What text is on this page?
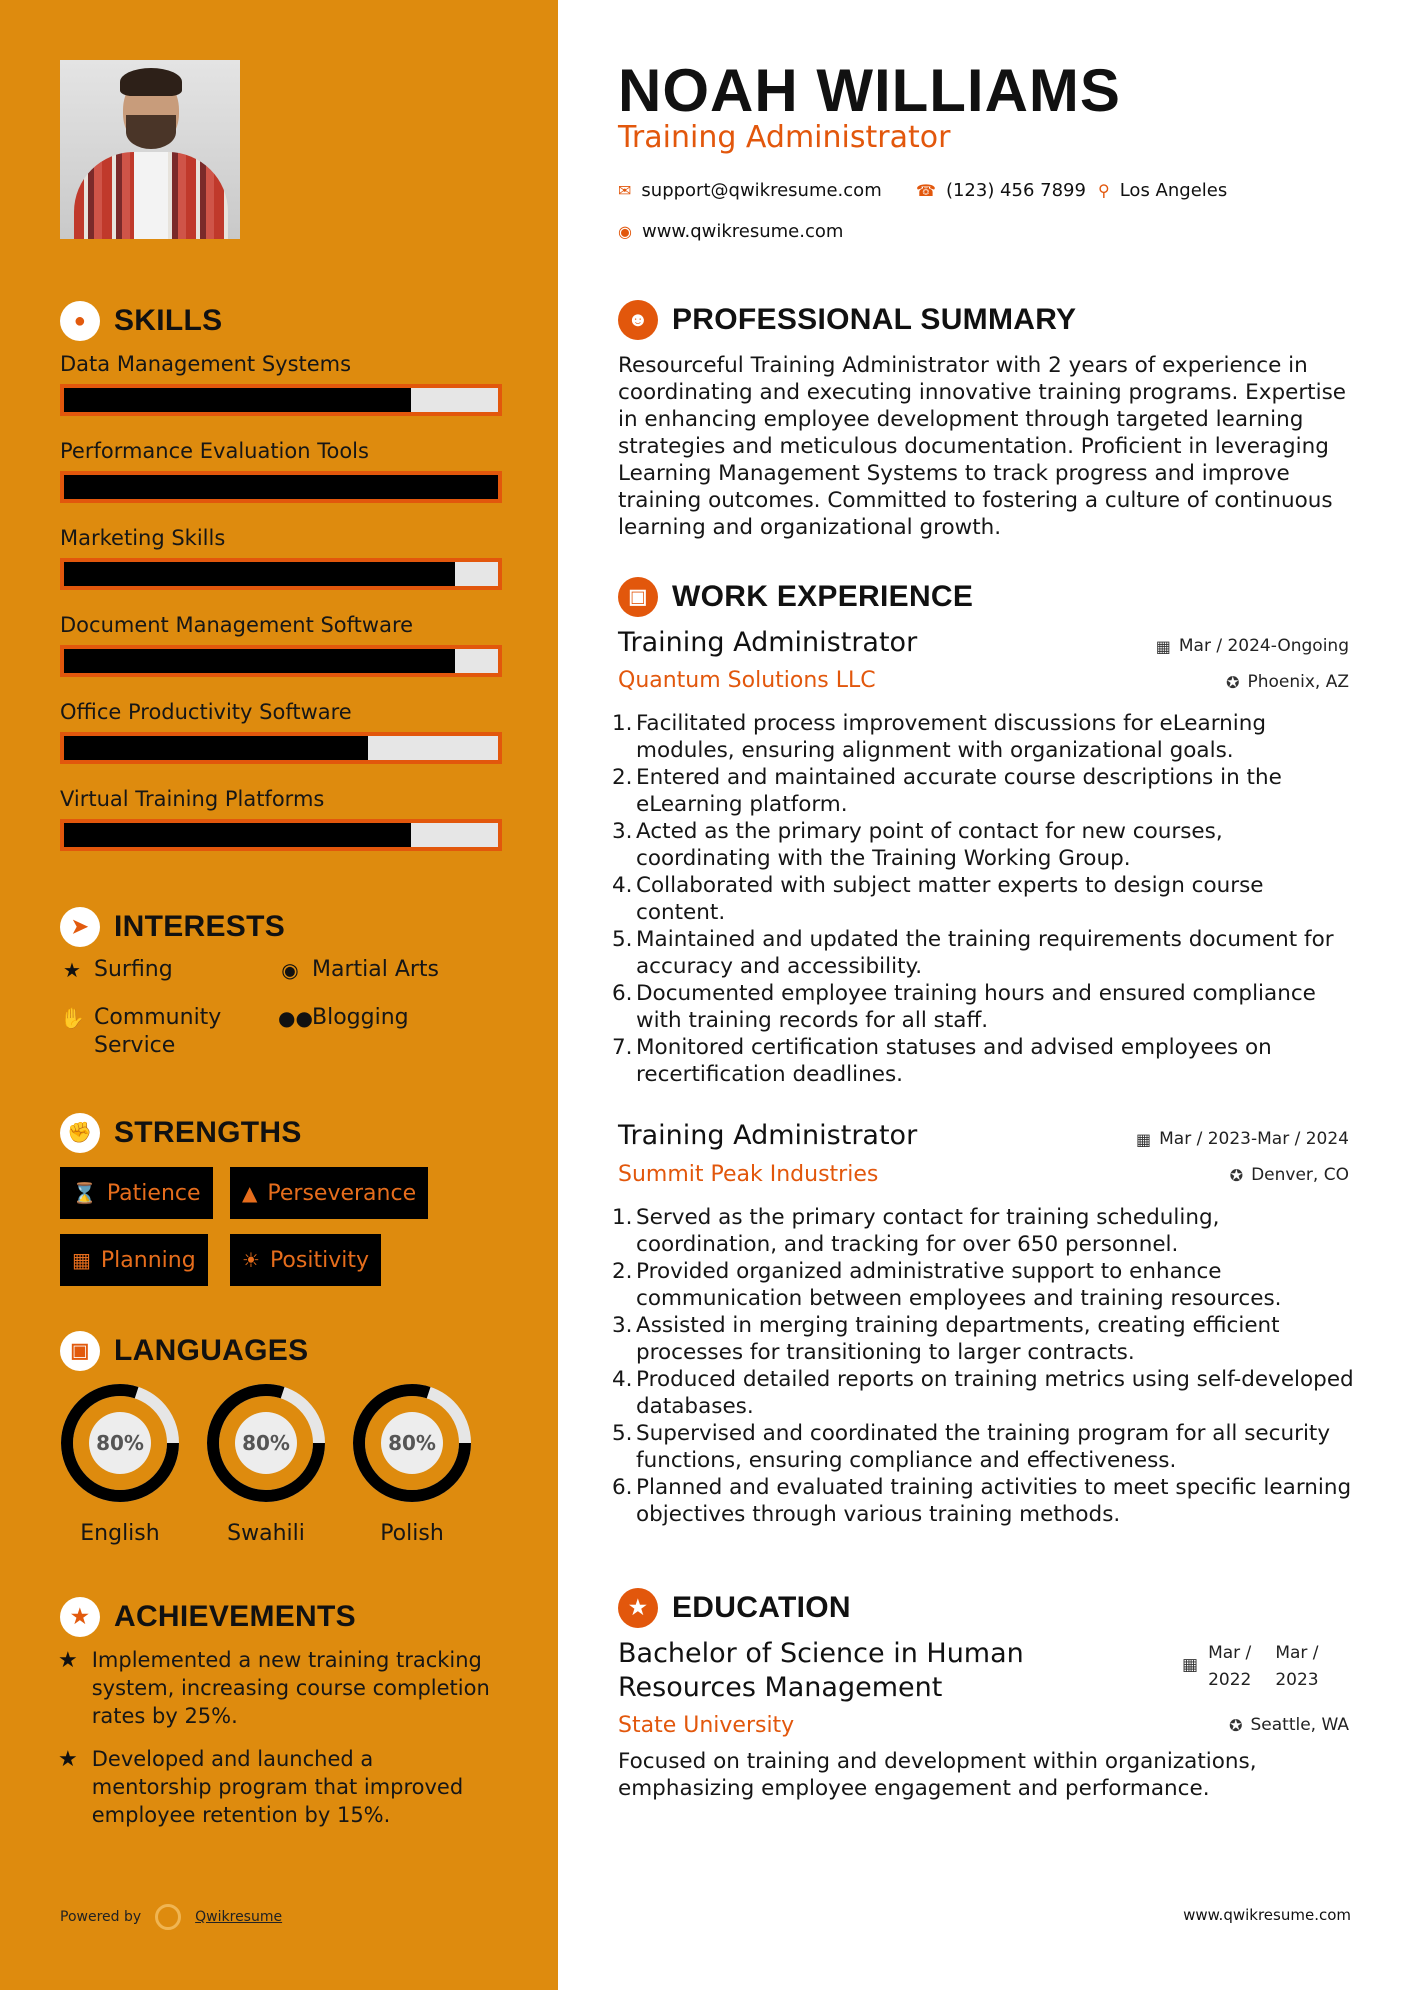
● SKILLS
Data Management Systems
Performance Evaluation Tools
Marketing Skills
Document Management Software
Office Productivity Software
Virtual Training Platforms
➤ INTERESTS
★ Surfing	◉ Martial Arts
✋ Community Service
●● Blogging
✊ STRENGTHS
⌛ Patience ▲ Perseverance
▦ Planning ☀ Positivity
▣ LANGUAGES
80%
English
80%
Swahili
80%
Polish
★ ACHIEVEMENTS
★ Implemented a new training tracking system, increasing course completion rates by 25%.
★ Developed and launched a mentorship program that improved employee retention by 15%.
Powered by	Qwikresume
NOAH WILLIAMS
Training Administrator
✉ support@qwikresume.com ☎ (123) 456 7899 ⚲ Los Angeles
◉ www.qwikresume.com
☻ PROFESSIONAL SUMMARY
Resourceful Training Administrator with 2 years of experience in coordinating and executing innovative training programs. Expertise in enhancing employee development through targeted learning strategies and meticulous documentation. Proficient in leveraging Learning Management Systems to track progress and improve training outcomes. Committed to fostering a culture of continuous learning and organizational growth.
▣ WORK EXPERIENCE
Training Administrator	▦ Mar / 2024-Ongoing
Quantum Solutions LLC	✪ Phoenix, AZ
1. Facilitated process improvement discussions for eLearning modules, ensuring alignment with organizational goals.
2. Entered and maintained accurate course descriptions in the eLearning platform.
3. Acted as the primary point of contact for new courses, coordinating with the Training Working Group.
4. Collaborated with subject matter experts to design course content.
5. Maintained and updated the training requirements document for accuracy and accessibility.
6. Documented employee training hours and ensured compliance with training records for all staff.
7. Monitored certification statuses and advised employees on recertification deadlines.
Training Administrator	▦ Mar / 2023-Mar / 2024
Summit Peak Industries	✪ Denver, CO
1. Served as the primary contact for training scheduling, coordination, and tracking for over 650 personnel.
2. Provided organized administrative support to enhance communication between employees and training resources.
3. Assisted in merging training departments, creating efficient processes for transitioning to larger contracts.
4. Produced detailed reports on training metrics using self-developed databases.
5. Supervised and coordinated the training program for all security functions, ensuring compliance and effectiveness.
6. Planned and evaluated training activities to meet specific learning objectives through various training methods.
★ EDUCATION
Bachelor of Science in Human
Resources Management
▦
Mar /
2022
Mar /
2023
State University	✪ Seattle, WA
Focused on training and development within organizations, emphasizing employee engagement and performance.
www.qwikresume.com
